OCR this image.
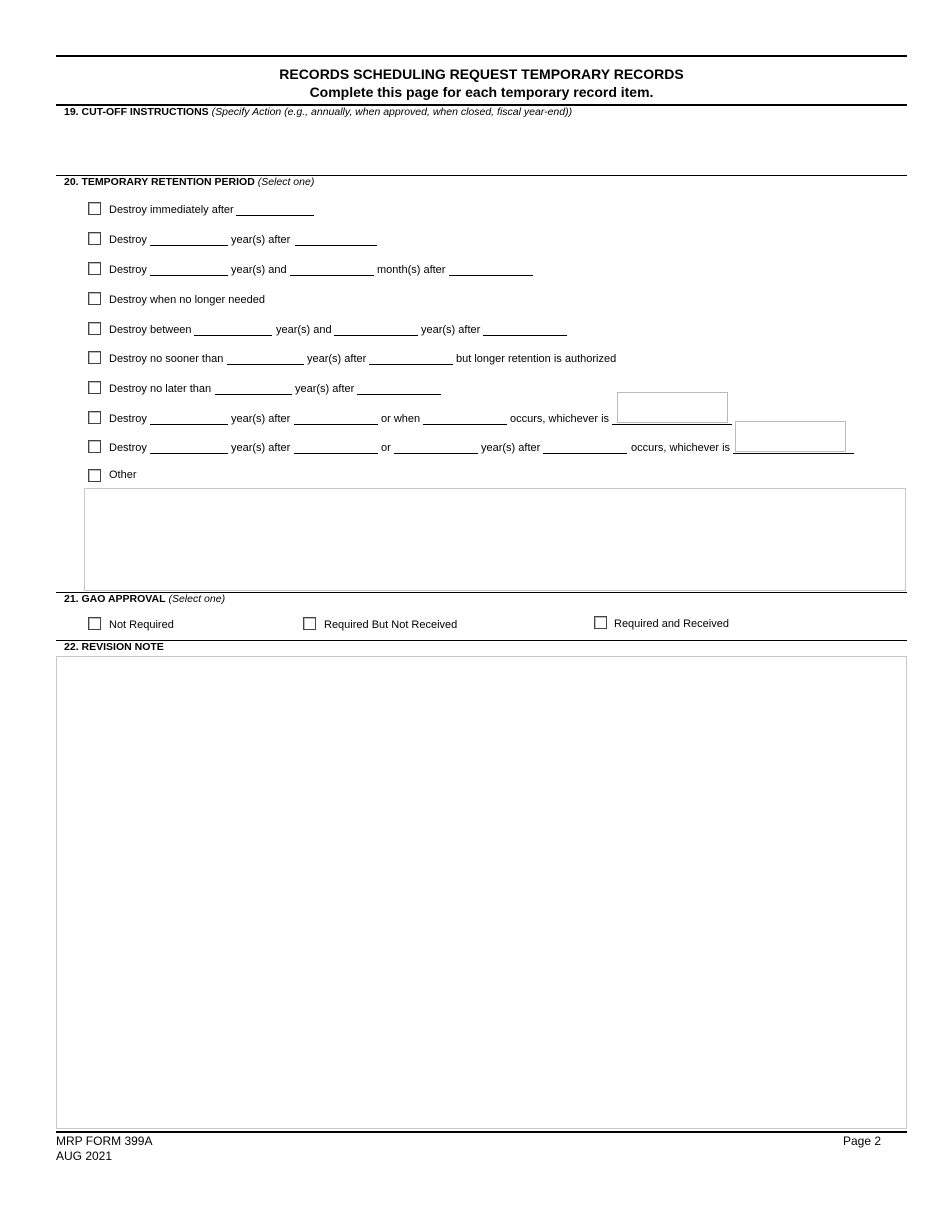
RECORDS SCHEDULING REQUEST TEMPORARY RECORDS
Complete this page for each temporary record item.
19. CUT-OFF INSTRUCTIONS (Specify Action (e.g., annually, when approved, when closed, fiscal year-end))
20. TEMPORARY RETENTION PERIOD (Select one)
Destroy immediately after
Destroy	year(s) after
Destroy	year(s) and	month(s) after
Destroy when no longer needed
Destroy between	year(s) and	year(s) after
Destroy no sooner than	year(s) after	but longer retention is authorized
Destroy no later than	year(s) after
Destroy	year(s) after	or when	occurs, whichever is
Destroy	year(s) after	or	year(s) after	occurs, whichever is
Other
21. GAO APPROVAL (Select one)
Not Required	Required But Not Received	Required and Received
22. REVISION NOTE
MRP FORM 399A
AUG 2021
Page 2
